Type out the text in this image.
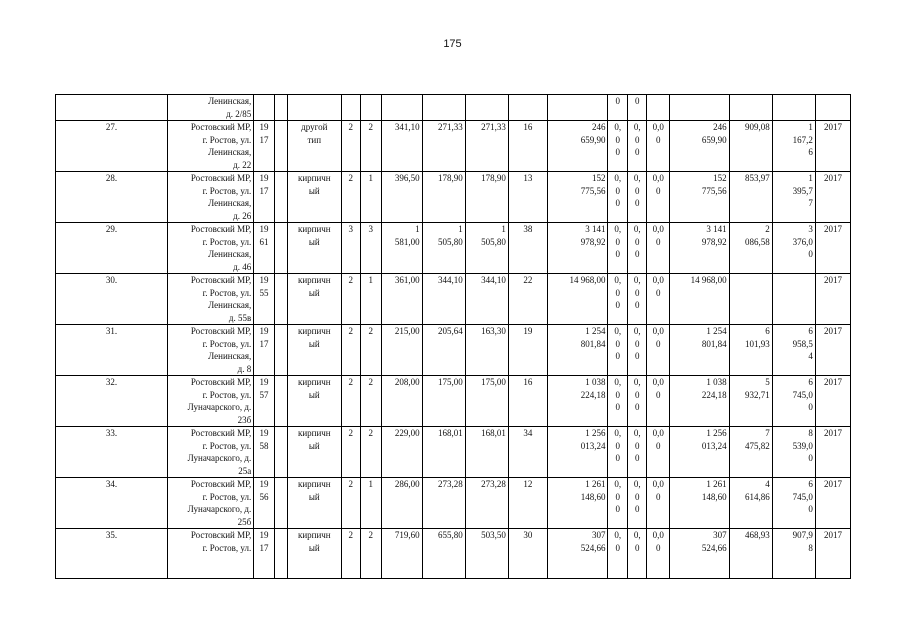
175
	Ленинская,
д. 2/85											0	0					
27.	Ростовский МР,
г. Ростов, ул.
Ленинская,
д. 22	19
17		другой
тип	2	2	341,10	271,33	271,33	16	246
659,90	0,
0
0	0,
0
0	0,0
0	246
659,90	909,08	1
167,2
6	2017
28.	Ростовский МР,
г. Ростов, ул.
Ленинская,
д. 26	19
17		кирпичн
ый	2	1	396,50	178,90	178,90	13	152
775,56	0,
0
0	0,
0
0	0,0
0	152
775,56	853,97	1
395,7
7	2017
29.	Ростовский МР,
г. Ростов, ул.
Ленинская,
д. 46	19
61		кирпичн
ый	3	3	1
581,00	1
505,80	1
505,80	38	3 141
978,92	0,
0
0	0,
0
0	0,0
0	3 141
978,92	2
086,58	3
376,0
0	2017
30.	Ростовский МР,
г. Ростов, ул.
Ленинская,
д. 55в	19
55		кирпичн
ый	2	1	361,00	344,10	344,10	22	14 968,00	0,
0
0	0,
0
0	0,0
0	14 968,00			2017
31.	Ростовский МР,
г. Ростов, ул.
Ленинская,
д. 8	19
17		кирпичн
ый	2	2	215,00	205,64	163,30	19	1 254
801,84	0,
0
0	0,
0
0	0,0
0	1 254
801,84	6
101,93	6
958,5
4	2017
32.	Ростовский МР,
г. Ростов, ул.
Луначарского, д.
23б	19
57		кирпичн
ый	2	2	208,00	175,00	175,00	16	1 038
224,18	0,
0
0	0,
0
0	0,0
0	1 038
224,18	5
932,71	6
745,0
0	2017
33.	Ростовский МР,
г. Ростов, ул.
Луначарского, д.
25а	19
58		кирпичн
ый	2	2	229,00	168,01	168,01	34	1 256
013,24	0,
0
0	0,
0
0	0,0
0	1 256
013,24	7
475,82	8
539,0
0	2017
34.	Ростовский МР,
г. Ростов, ул.
Луначарского, д.
25б	19
56		кирпичн
ый	2	1	286,00	273,28	273,28	12	1 261
148,60	0,
0
0	0,
0
0	0,0
0	1 261
148,60	4
614,86	6
745,0
0	2017
35.	Ростовский МР,
г. Ростов, ул.	19
17		кирпичн
ый	2	2	719,60	655,80	503,50	30	307
524,66	0,
0	0,
0	0,0
0	307
524,66	468,93	907,9
8	2017
